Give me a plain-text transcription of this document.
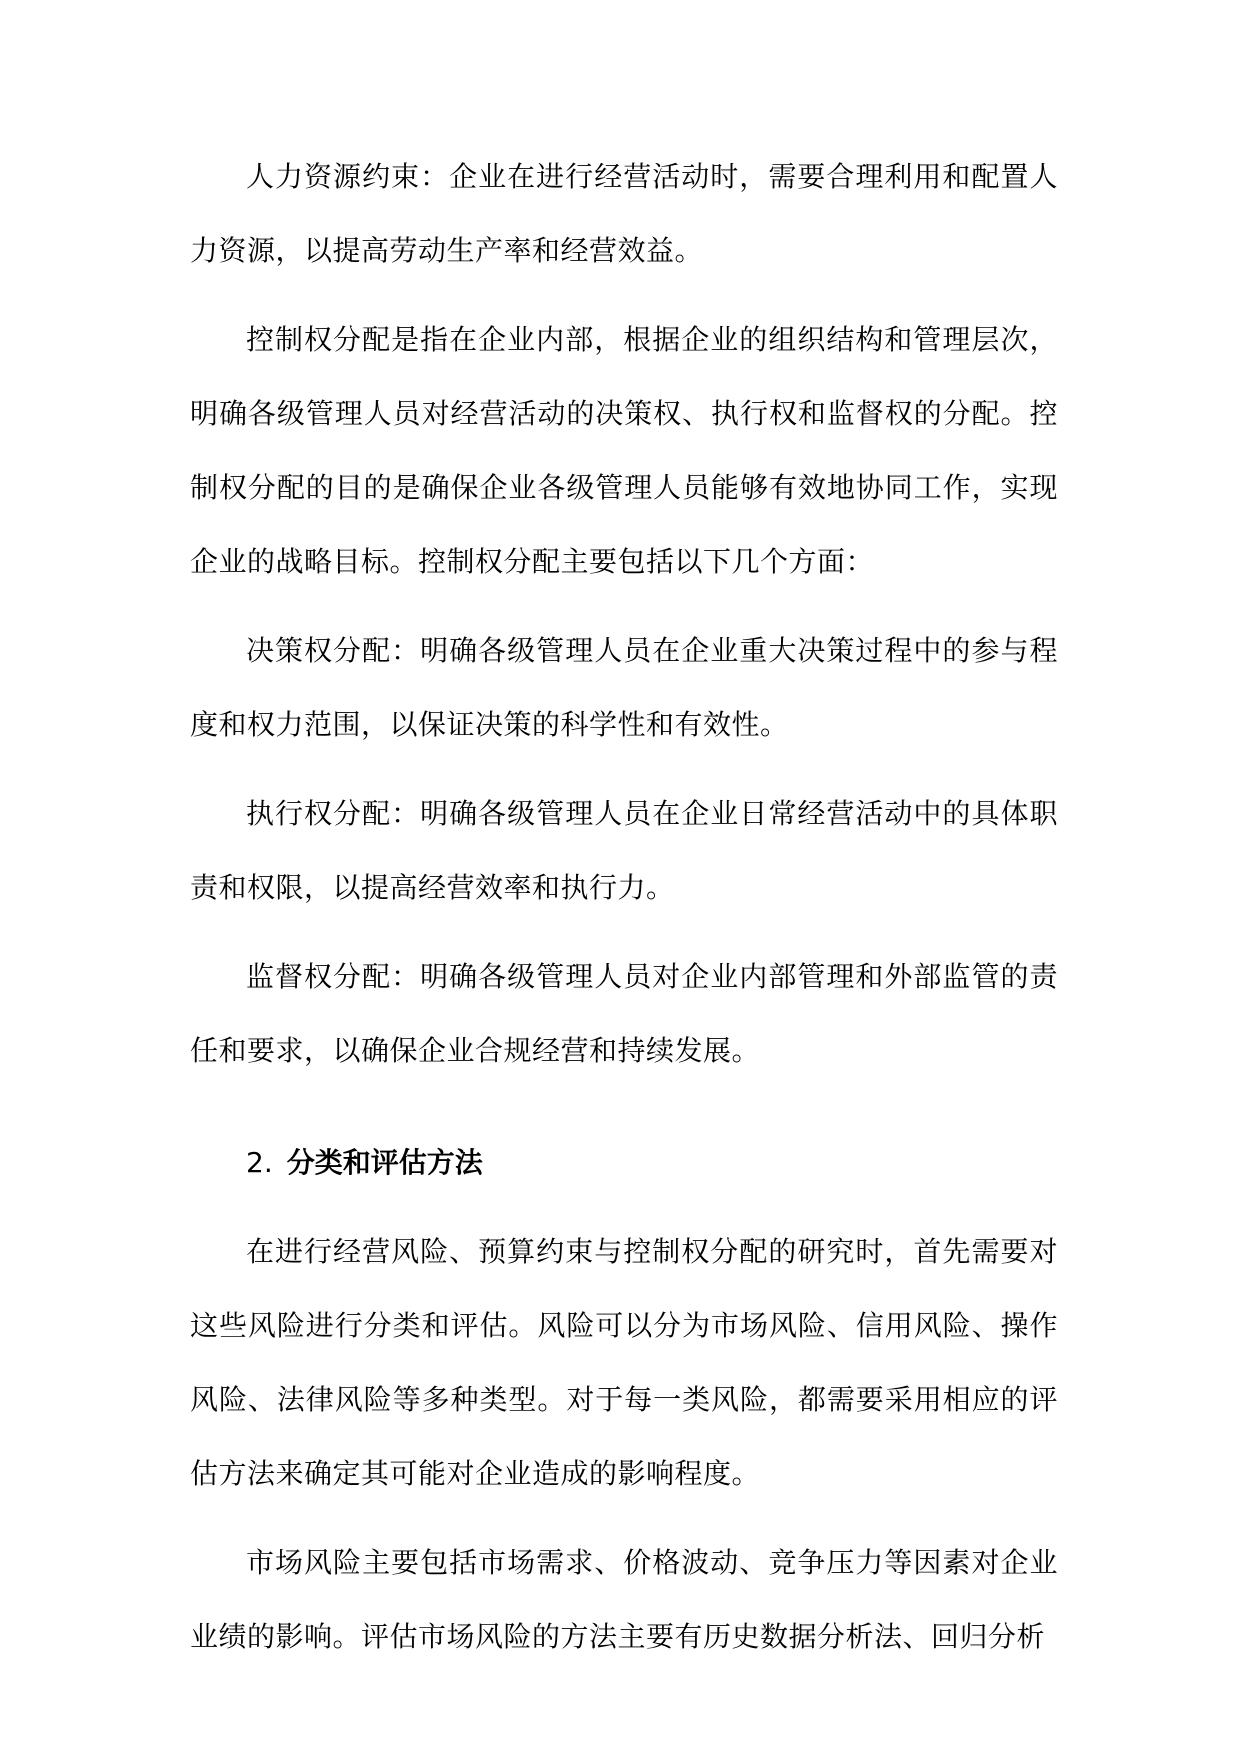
人力资源约束：企业在进行经营活动时，需要合理利用和配置人力资源，以提高劳动生产率和经营效益。

控制权分配是指在企业内部，根据企业的组织结构和管理层次，明确各级管理人员对经营活动的决策权、执行权和监督权的分配。控制权分配的目的是确保企业各级管理人员能够有效地协同工作，实现企业的战略目标。控制权分配主要包括以下几个方面：

决策权分配：明确各级管理人员在企业重大决策过程中的参与程度和权力范围，以保证决策的科学性和有效性。

执行权分配：明确各级管理人员在企业日常经营活动中的具体职责和权限，以提高经营效率和执行力。

监督权分配：明确各级管理人员对企业内部管理和外部监管的责任和要求，以确保企业合规经营和持续发展。

2. 分类和评估方法

在进行经营风险、预算约束与控制权分配的研究时，首先需要对这些风险进行分类和评估。风险可以分为市场风险、信用风险、操作风险、法律风险等多种类型。对于每一类风险，都需要采用相应的评估方法来确定其可能对企业造成的影响程度。

市场风险主要包括市场需求、价格波动、竞争压力等因素对企业业绩的影响。评估市场风险的方法主要有历史数据分析法、回归分析
